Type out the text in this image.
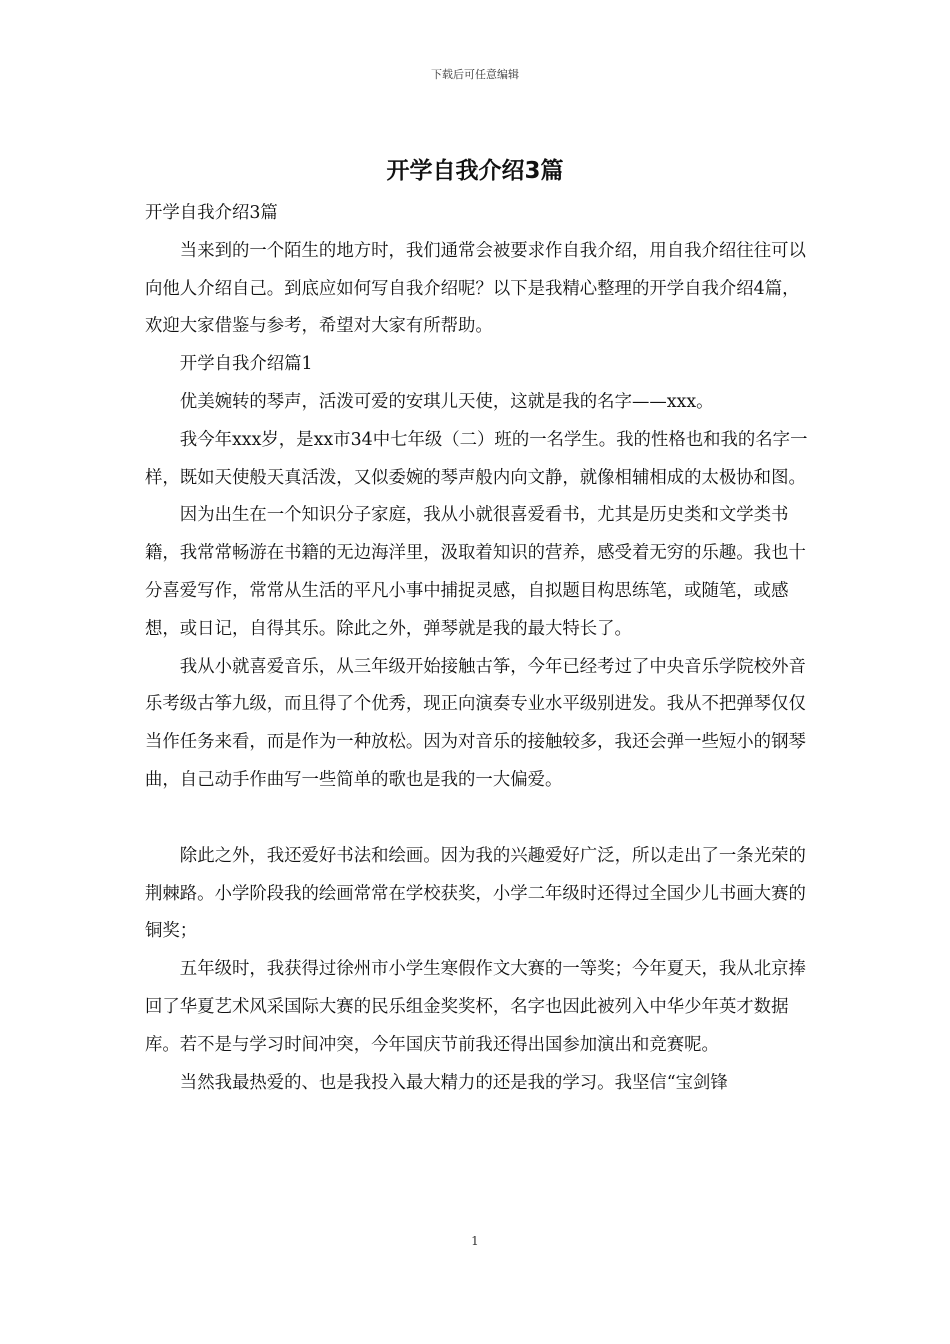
下载后可任意编辑
开学自我介绍3篇

开学自我介绍3篇

当来到的一个陌生的地方时，我们通常会被要求作自我介绍，用自我介绍往往可以向他人介绍自己。到底应如何写自我介绍呢？以下是我精心整理的开学自我介绍4篇，欢迎大家借鉴与参考，希望对大家有所帮助。

开学自我介绍篇1

优美婉转的琴声，活泼可爱的安琪儿天使，这就是我的名字——xxx。

我今年xxx岁，是xx市34中七年级（二）班的一名学生。我的性格也和我的名字一样，既如天使般天真活泼，又似委婉的琴声般内向文静，就像相辅相成的太极协和图。

因为出生在一个知识分子家庭，我从小就很喜爱看书，尤其是历史类和文学类书籍，我常常畅游在书籍的无边海洋里，汲取着知识的营养，感受着无穷的乐趣。我也十分喜爱写作，常常从生活的平凡小事中捕捉灵感，自拟题目构思练笔，或随笔，或感想，或日记，自得其乐。除此之外，弹琴就是我的最大特长了。

我从小就喜爱音乐，从三年级开始接触古筝，今年已经考过了中央音乐学院校外音乐考级古筝九级，而且得了个优秀，现正向演奏专业水平级别进发。我从不把弹琴仅仅当作任务来看，而是作为一种放松。因为对音乐的接触较多，我还会弹一些短小的钢琴曲，自己动手作曲写一些简单的歌也是我的一大偏爱。

除此之外，我还爱好书法和绘画。因为我的兴趣爱好广泛，所以走出了一条光荣的荆棘路。小学阶段我的绘画常常在学校获奖，小学二年级时还得过全国少儿书画大赛的铜奖；

五年级时，我获得过徐州市小学生寒假作文大赛的一等奖；今年夏天，我从北京捧回了华夏艺术风采国际大赛的民乐组金奖奖杯，名字也因此被列入中华少年英才数据库。若不是与学习时间冲突，今年国庆节前我还得出国参加演出和竞赛呢。

当然我最热爱的、也是我投入最大精力的还是我的学习。我坚信“宝剑锋

1
